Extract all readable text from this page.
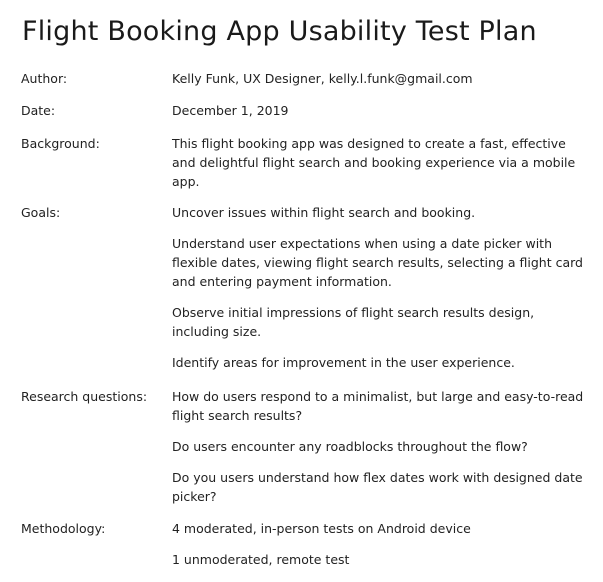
Flight Booking App Usability Test Plan
Author:	Kelly Funk, UX Designer, kelly.l.funk@gmail.com

Date:	December 1, 2019

Background:	This flight booking app was designed to create a fast, effective and delightful flight search and booking experience via a mobile app.

Goals:	Uncover issues within flight search and booking.

Understand user expectations when using a date picker with flexible dates, viewing flight search results, selecting a flight card and entering payment information.

Observe initial impressions of flight search results design, including size.

Identify areas for improvement in the user experience.

Research questions: How do users respond to a minimalist, but large and easy-to-read flight search results?

Do users encounter any roadblocks throughout the flow?

Do you users understand how flex dates work with designed date picker?

Methodology:	4 moderated, in-person tests on Android device

1 unmoderated, remote test
